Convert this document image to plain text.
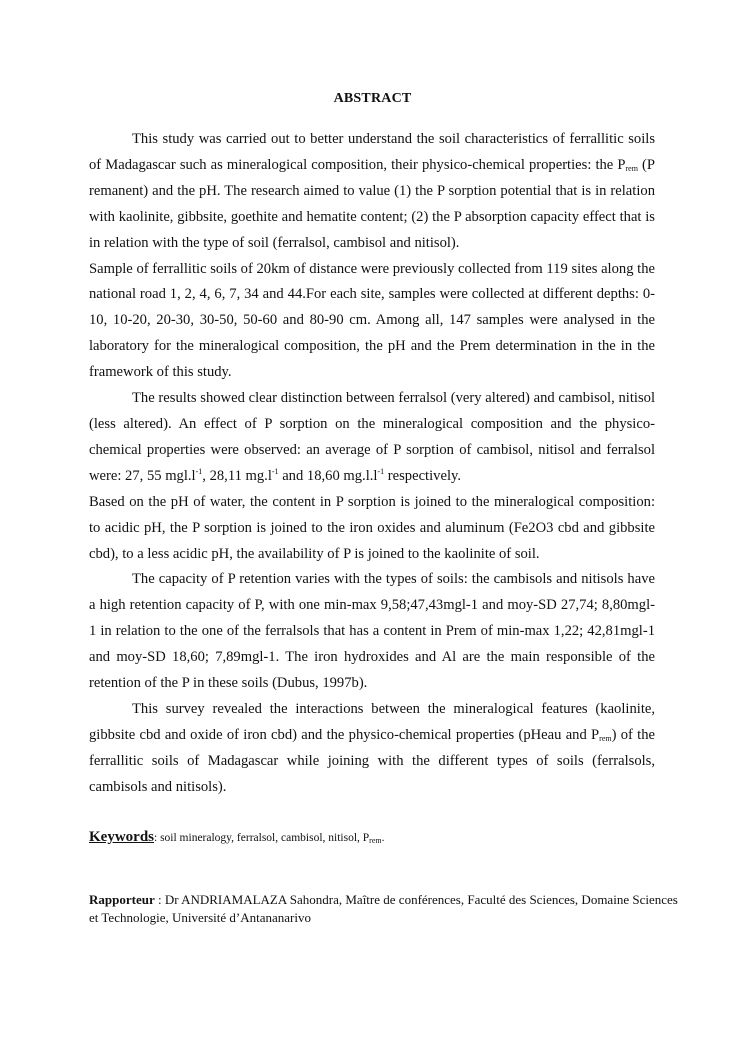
ABSTRACT

This study was carried out to better understand the soil characteristics of ferrallitic soils of Madagascar such as mineralogical composition, their physico-chemical properties: the $P_{rem}$ (P remanent) and the pH. The research aimed to value (1) the P sorption potential that is in relation with kaolinite, gibbsite, goethite and hematite content; (2) the P absorption capacity effect that is in relation with the type of soil (ferralsol, cambisol and nitisol).

Sample of ferrallitic soils of 20km of distance were previously collected from 119 sites along the national road 1, 2, 4, 6, 7, 34 and 44.For each site, samples were collected at different depths: 0-10, 10-20, 20-30, 30-50, 50-60 and 80-90 cm. Among all, 147 samples were analysed in the laboratory for the mineralogical composition, the pH and the Prem determination in the in the framework of this study.

The results showed clear distinction between ferralsol (very altered) and cambisol, nitisol (less altered). An effect of P sorption on the mineralogical composition and the physico-chemical properties were observed: an average of P sorption of cambisol, nitisol and ferralsol were: 27, 55 $mgl.l^{-1}$, 28,11 $mg.l^{-1}$ and 18,60 $mg.l.l^{-1}$ respectively.

Based on the pH of water, the content in P sorption is joined to the mineralogical composition: to acidic pH, the P sorption is joined to the iron oxides and aluminum (Fe2O3 cbd and gibbsite cbd), to a less acidic pH, the availability of P is joined to the kaolinite of soil.

The capacity of P retention varies with the types of soils: the cambisols and nitisols have a high retention capacity of P, with one min-max 9,58;47,43mgl-1 and moy-SD 27,74; 8,80mgl-1 in relation to the one of the ferralsols that has a content in Prem of min-max 1,22; 42,81mgl-1 and moy-SD 18,60; 7,89mgl-1. The iron hydroxides and Al are the main responsible of the retention of the P in these soils (Dubus, 1997b).

This survey revealed the interactions between the mineralogical features (kaolinite, gibbsite cbd and oxide of iron cbd) and the physico-chemical properties (pHeau and $P_{rem}$) of the ferrallitic soils of Madagascar while joining with the different types of soils (ferralsols, cambisols and nitisols).

Keywords: soil mineralogy, ferralsol, cambisol, nitisol, $P_{rem}$.
Rapporteur : Dr ANDRIAMALAZA Sahondra, Maître de conférences, Faculté des Sciences, Domaine Sciences et Technologie, Université d’Antananarivo
